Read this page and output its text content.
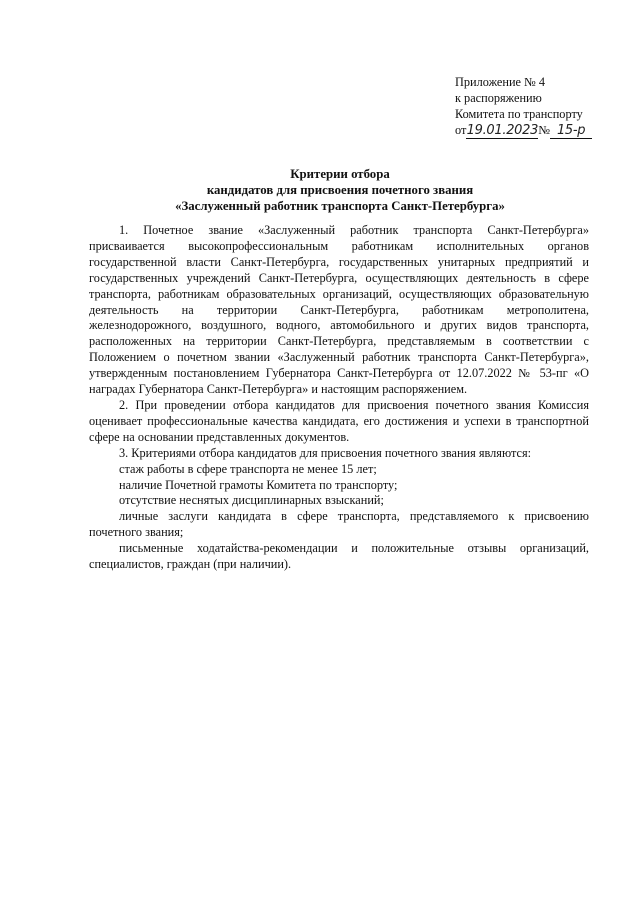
Приложение № 4
к распоряжению
Комитета по транспорту
от19.01.2023№ 15-р
Критерии отбора
кандидатов для присвоения почетного звания
«Заслуженный работник транспорта Санкт-Петербурга»

1. Почетное звание «Заслуженный работник транспорта Санкт-Петербурга» присваивается высокопрофессиональным работникам исполнительных органов государственной власти Санкт-Петербурга, государственных унитарных предприятий и государственных учреждений Санкт-Петербурга, осуществляющих деятельность в сфере транспорта, работникам образовательных организаций, осуществляющих образовательную деятельность на территории Санкт-Петербурга, работникам метрополитена, железнодорожного, воздушного, водного, автомобильного и других видов транспорта, расположенных на территории Санкт-Петербурга, представляемым в соответствии с Положением о почетном звании «Заслуженный работник транспорта Санкт-Петербурга», утвержденным постановлением Губернатора Санкт-Петербурга от 12.07.2022 № 53-пг «О наградах Губернатора Санкт-Петербурга» и настоящим распоряжением.

2. При проведении отбора кандидатов для присвоения почетного звания Комиссия оценивает профессиональные качества кандидата, его достижения и успехи в транспортной сфере на основании представленных документов.

3. Критериями отбора кандидатов для присвоения почетного звания являются:

стаж работы в сфере транспорта не менее 15 лет;

наличие Почетной грамоты Комитета по транспорту;

отсутствие неснятых дисциплинарных взысканий;

личные заслуги кандидата в сфере транспорта, представляемого к присвоению почетного звания;

письменные ходатайства-рекомендации и положительные отзывы организаций, специалистов, граждан (при наличии).
